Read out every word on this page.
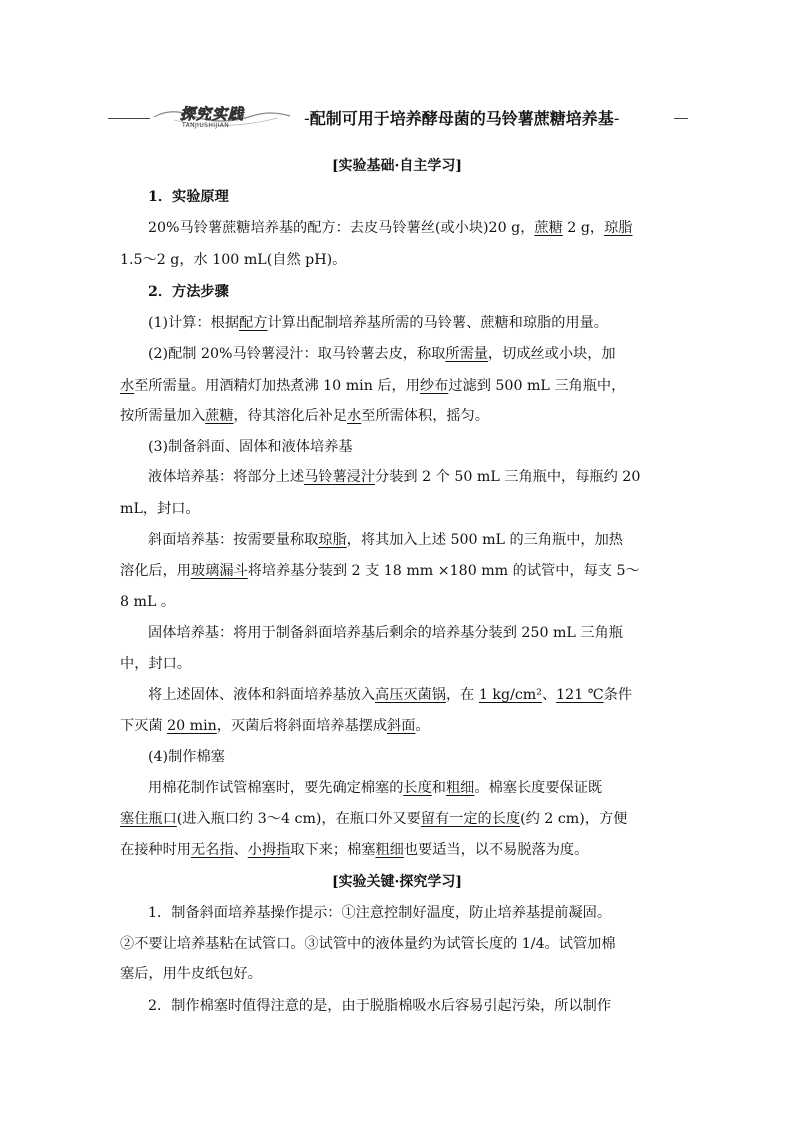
探究实践
TANJIUSHIJIAN	-配制可用于培养酵母菌的马铃薯蔗糖培养基-
[实验基础·自主学习]
1．实验原理
20%马铃薯蔗糖培养基的配方：去皮马铃薯丝(或小块)20 g，蔗糖 2 g，琼脂
1.5～2 g，水 100 mL(自然 pH)。
2．方法步骤
(1)计算：根据配方计算出配制培养基所需的马铃薯、蔗糖和琼脂的用量。
(2)配制 20%马铃薯浸汁：取马铃薯去皮，称取所需量，切成丝或小块，加
水至所需量。用酒精灯加热煮沸 10 min 后，用纱布过滤到 500 mL 三角瓶中，
按所需量加入蔗糖，待其溶化后补足水至所需体积，摇匀。
(3)制备斜面、固体和液体培养基
液体培养基：将部分上述马铃薯浸汁分装到 2 个 50 mL 三角瓶中，每瓶约 20
mL，封口。
斜面培养基：按需要量称取琼脂，将其加入上述 500 mL 的三角瓶中，加热
溶化后，用玻璃漏斗将培养基分装到 2 支 18 mm ×180 mm 的试管中，每支 5～
8 mL 。
固体培养基：将用于制备斜面培养基后剩余的培养基分装到 250 mL 三角瓶
中，封口。
将上述固体、液体和斜面培养基放入高压灭菌锅，在 1 kg/cm²、121 ℃条件
下灭菌 20 min，灭菌后将斜面培养基摆成斜面。
(4)制作棉塞
用棉花制作试管棉塞时，要先确定棉塞的长度和粗细。棉塞长度要保证既
塞住瓶口(进入瓶口约 3～4 cm)，在瓶口外又要留有一定的长度(约 2 cm)，方便
在接种时用无名指、小拇指取下来；棉塞粗细也要适当，以不易脱落为度。
[实验关键·探究学习]
1．制备斜面培养基操作提示：①注意控制好温度，防止培养基提前凝固。
②不要让培养基粘在试管口。③试管中的液体量约为试管长度的 1/4。试管加棉
塞后，用牛皮纸包好。
2．制作棉塞时值得注意的是，由于脱脂棉吸水后容易引起污染，所以制作
